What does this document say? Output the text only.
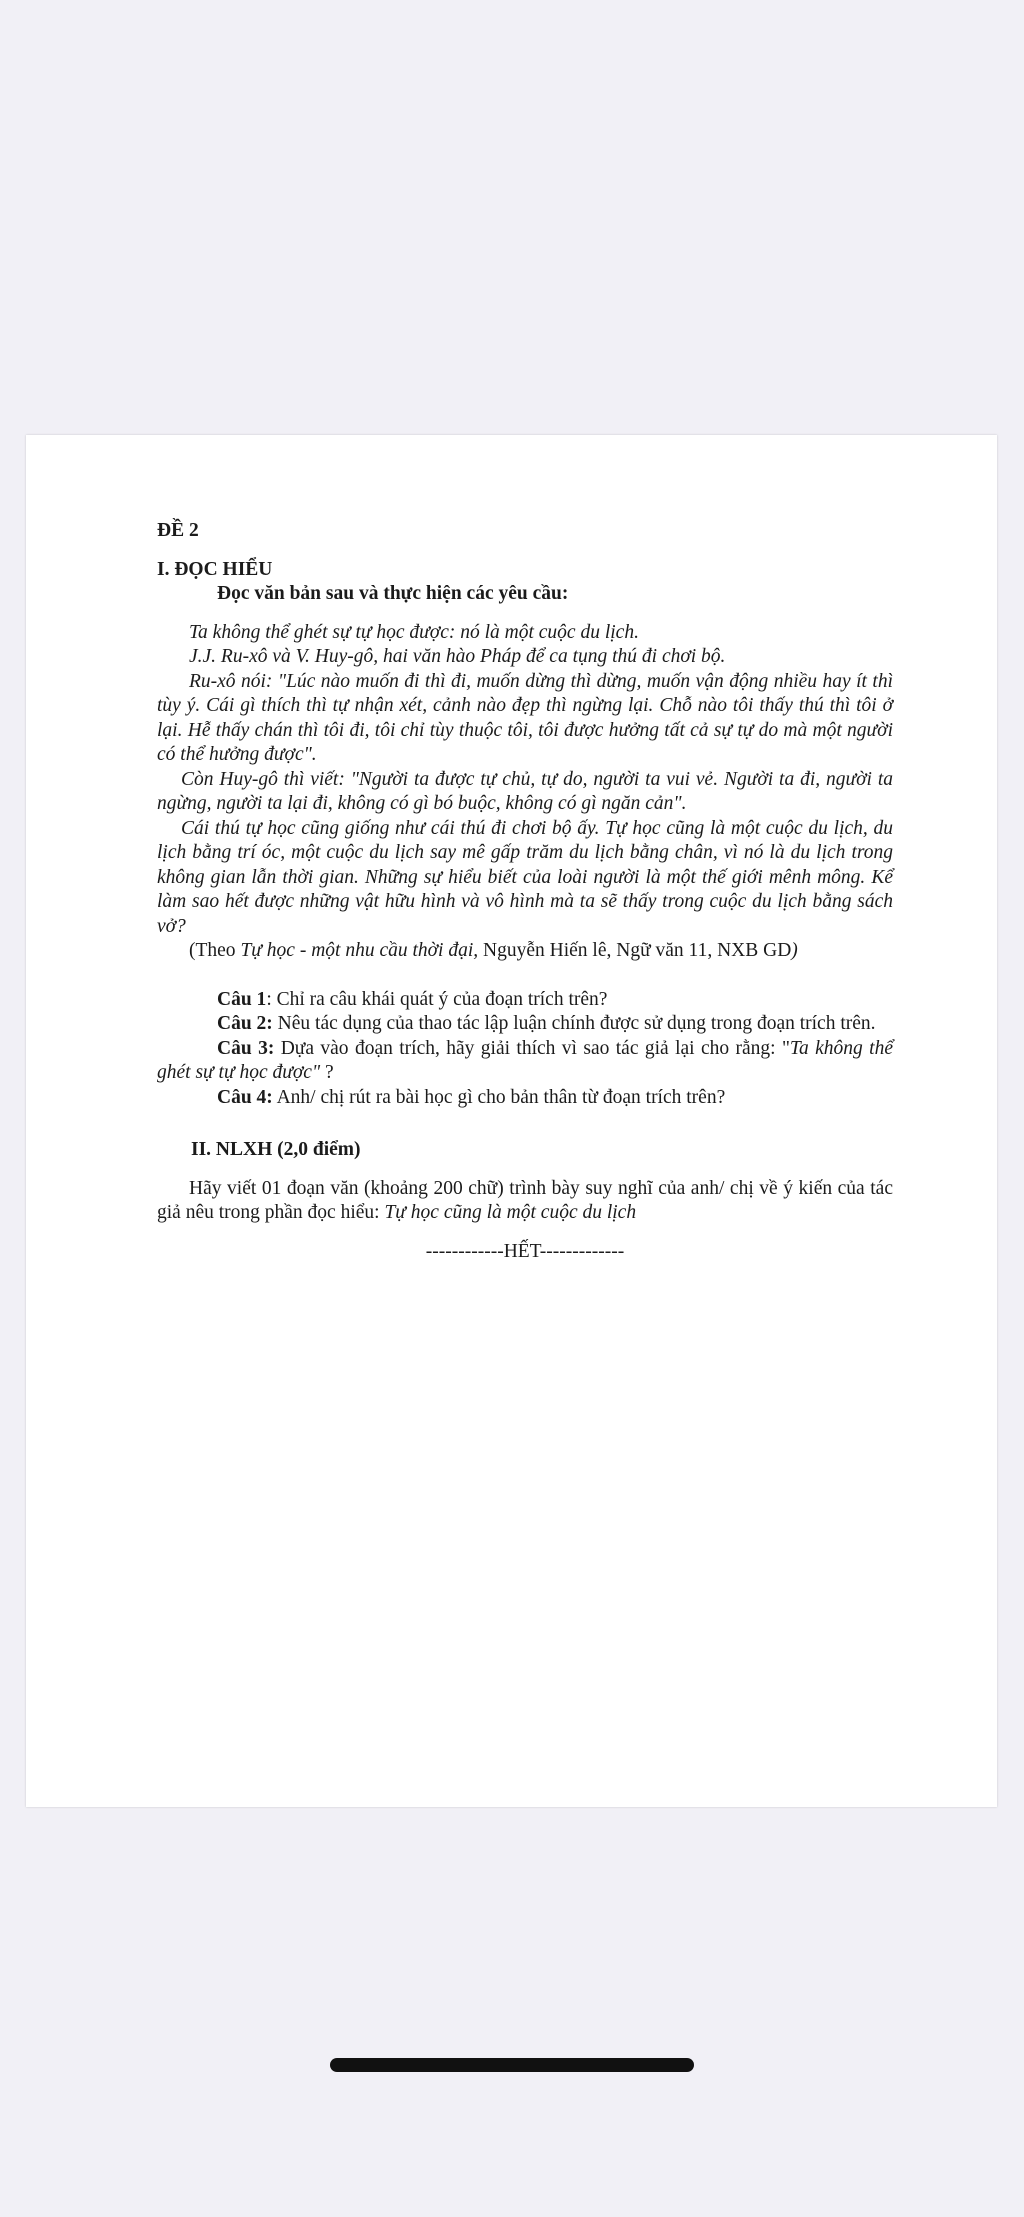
ĐỀ 2

I. ĐỌC HIỂU

Đọc văn bản sau và thực hiện các yêu cầu:

Ta không thể ghét sự tự học được: nó là một cuộc du lịch.

J.J. Ru-xô và V. Huy-gô, hai văn hào Pháp để ca tụng thú đi chơi bộ.

Ru-xô nói: "Lúc nào muốn đi thì đi, muốn dừng thì dừng, muốn vận động nhiều hay ít thì tùy ý. Cái gì thích thì tự nhận xét, cảnh nào đẹp thì ngừng lại. Chỗ nào tôi thấy thú thì tôi ở lại. Hễ thấy chán thì tôi đi, tôi chỉ tùy thuộc tôi, tôi được hưởng tất cả sự tự do mà một người có thể hưởng được".

Còn Huy-gô thì viết: "Người ta được tự chủ, tự do, người ta vui vẻ. Người ta đi, người ta ngừng, người ta lại đi, không có gì bó buộc, không có gì ngăn cản".

Cái thú tự học cũng giống như cái thú đi chơi bộ ấy. Tự học cũng là một cuộc du lịch, du lịch bằng trí óc, một cuộc du lịch say mê gấp trăm du lịch bằng chân, vì nó là du lịch trong không gian lẫn thời gian. Những sự hiểu biết của loài người là một thế giới mênh mông. Kể làm sao hết được những vật hữu hình và vô hình mà ta sẽ thấy trong cuộc du lịch bằng sách vở?

(Theo Tự học - một nhu cầu thời đại, Nguyễn Hiến lê, Ngữ văn 11, NXB GD)

Câu 1: Chỉ ra câu khái quát ý của đoạn trích trên?

Câu 2: Nêu tác dụng của thao tác lập luận chính được sử dụng trong đoạn trích trên.

Câu 3: Dựa vào đoạn trích, hãy giải thích vì sao tác giả lại cho rằng: "Ta không thể ghét sự tự học được" ?

Câu 4: Anh/ chị rút ra bài học gì cho bản thân từ đoạn trích trên?

II. NLXH (2,0 điểm)

Hãy viết 01 đoạn văn (khoảng 200 chữ) trình bày suy nghĩ của anh/ chị về ý kiến của tác giả nêu trong phần đọc hiểu: Tự học cũng là một cuộc du lịch

------------HẾT-------------
